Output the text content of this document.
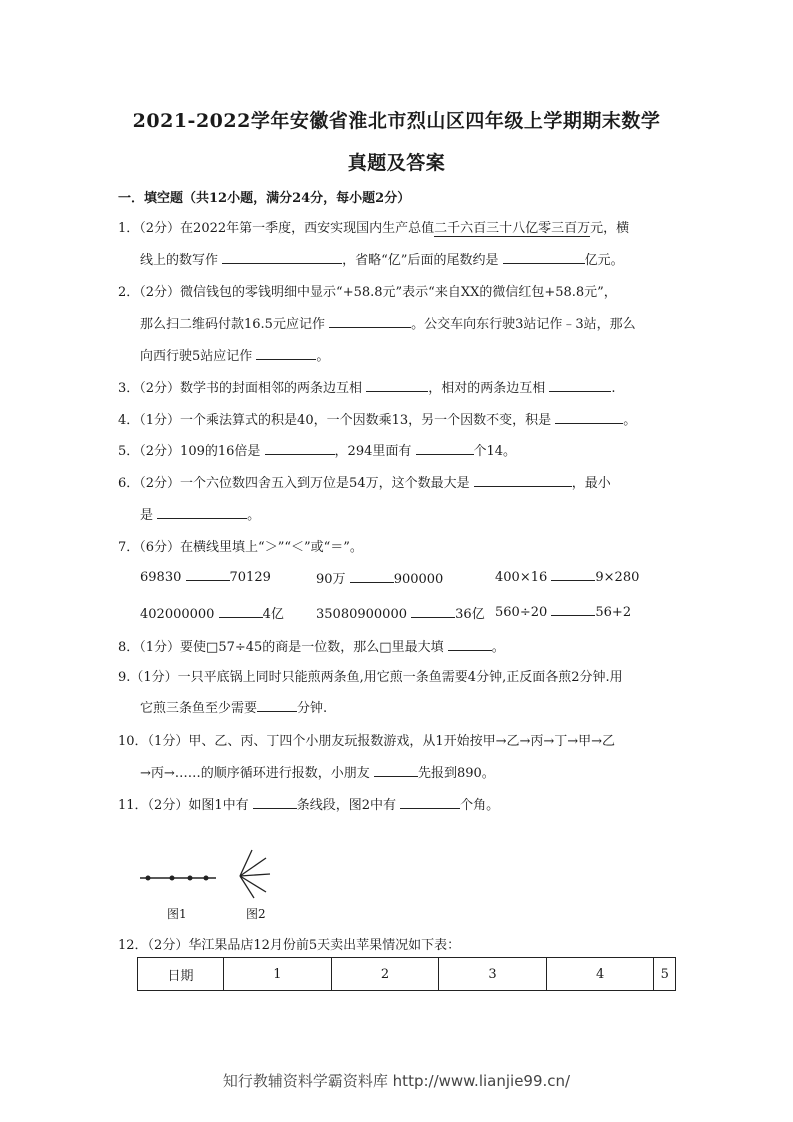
2021-2022学年安徽省淮北市烈山区四年级上学期期末数学
真题及答案
一．填空题（共12小题，满分24分，每小题2分）
1．（2分）在2022年第一季度，西安实现国内生产总值二千六百三十八亿零三百万元，横
线上的数写作	，省略“亿”后面的尾数约是	亿元。
2．（2分）微信钱包的零钱明细中显示“+58.8元”表示“来自XX的微信红包+58.8元”，
那么扫二维码付款16.5元应记作	。公交车向东行驶3站记作﹣3站，那么
向西行驶5站应记作	。
3．（2分）数学书的封面相邻的两条边互相	，相对的两条边互相	.
4．（1分）一个乘法算式的积是40，一个因数乘13，另一个因数不变，积是	。
5．（2分）109的16倍是	，294里面有	个14。
6．（2分）一个六位数四舍五入到万位是54万，这个数最大是	，最小
是	。
7．（6分）在横线里填上“＞”“＜”或“＝”。
69830	70129	90万	900000	400×16	9×280
402000000	4亿 35080900000	36亿 560÷20	56+2
8．（1分）要使□57÷45的商是一位数，那么□里最大填	。
9.（1分）一只平底锅上同时只能煎两条鱼,用它煎一条鱼需要4分钟,正反面各煎2分钟.用
它煎三条鱼至少需要	分钟.
10．（1分）甲、乙、丙、丁四个小朋友玩报数游戏，从1开始按甲→乙→丙→丁→甲→乙
→丙→……的顺序循环进行报数，小朋友	先报到890。
11．（2分）如图1中有	条线段，图2中有	个角。
图1	图2
12．（2分）华江果品店12月份前5天卖出苹果情况如下表：
日期	1	2	3	4	5
知行教辅资料学霸资料库 http://www.lianjie99.cn/
